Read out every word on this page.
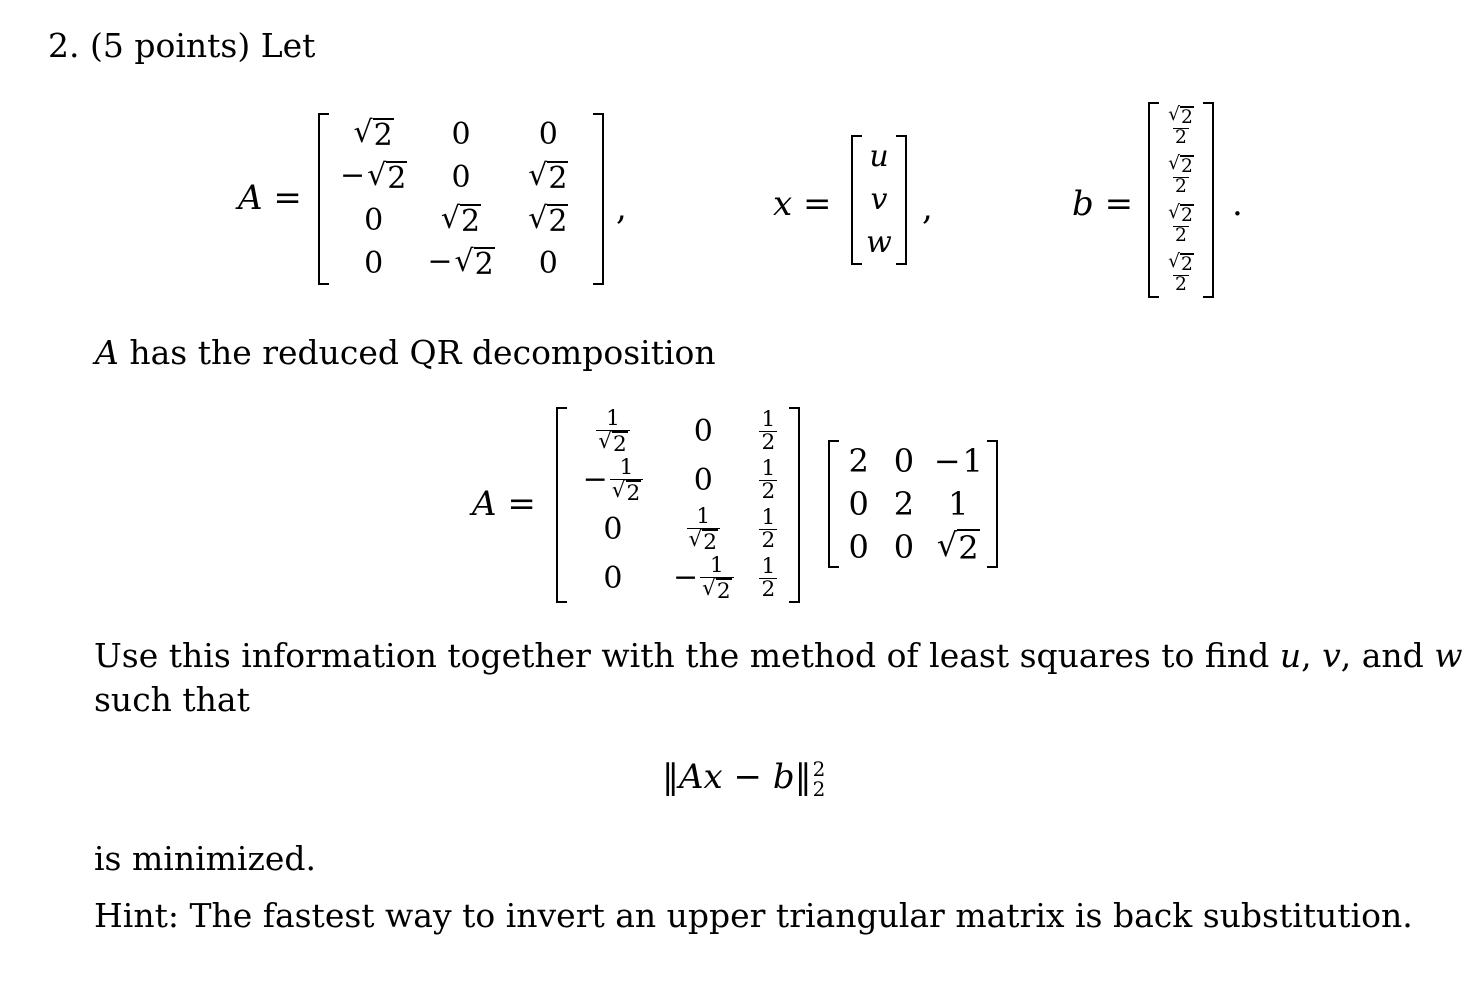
2. (5 points) Let
A =
√ 2 0 0
− √ 2 0 √ 2
0 √ 2 √ 2
0 − √ 2 0
,	x =
u
v
w
,	b =
$\frac{√ 2}{2}$
$\frac{√ 2}{2}$
$\frac{√ 2}{2}$
$\frac{√ 2}{2}$
.
A has the reduced QR decomposition
A =
$\frac{1}{√ 2} 0 \frac{1}{2}$
− $\frac{1}{√ 2} 0 \frac{1}{2}$
0	$\frac{1}{√ 2} \frac{1}{2}$
$0 - \frac{1}{√ 2} \frac{1}{2}$
2 0 −1
0 2 1
0 0 √ 2
Use this information together with the method of least squares to find u, v, and w
such that
‖Ax − b‖ 2
2
is minimized.
Hint: The fastest way to invert an upper triangular matrix is back substitution.
